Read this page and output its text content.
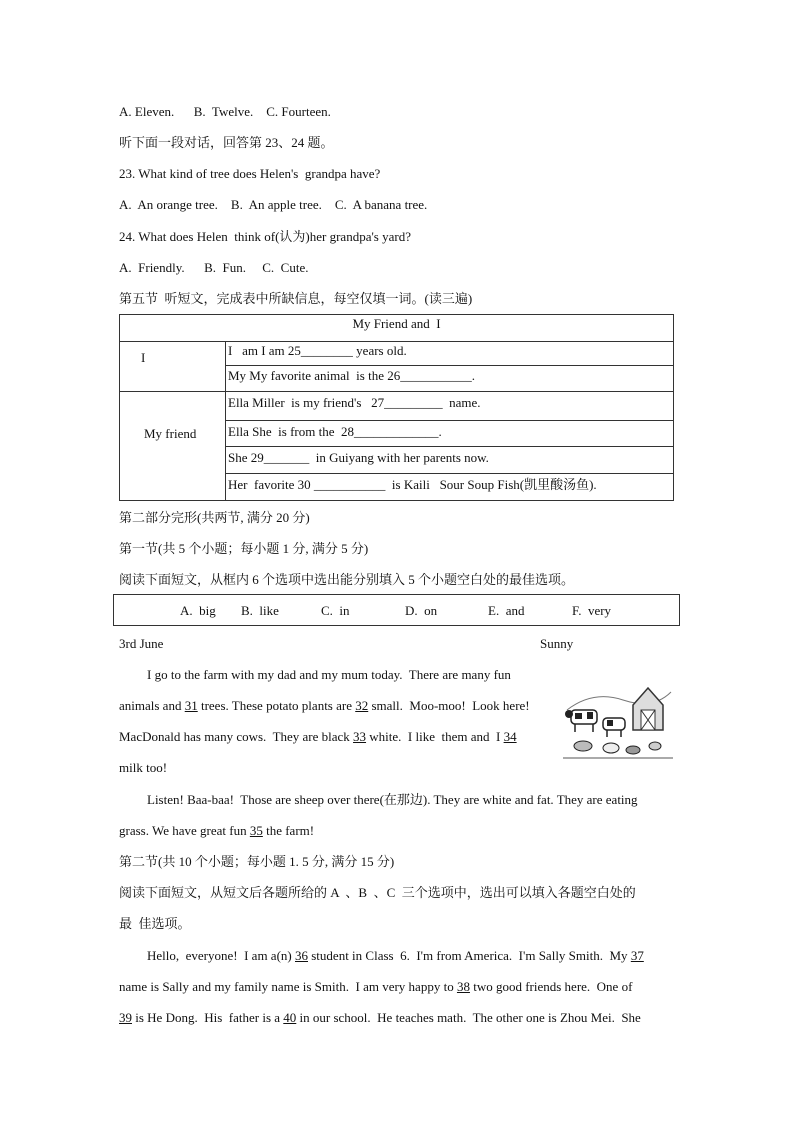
A. Eleven.      B.  Twelve.    C. Fourteen.
听下面一段对话，回答第 23、24 题。
23. What kind of tree does Helen's  grandpa have?
A.  An orange tree.    B.  An apple tree.    C.  A banana tree.
24. What does Helen  think of(认为)her grandpa's yard?
A.  Friendly.      B.  Fun.     C.  Cute.
第五节  听短文，完成表中所缺信息，每空仅填一词。(读三遍)
My Friend and  I
I	I   am I am 25________ years old.
My My favorite animal  is the 26___________.
My friend
Ella Miller  is my friend's   27_________  name.
Ella She  is from the  28_____________.
She 29_______  in Guiyang with her parents now.
Her  favorite 30 ___________  is Kaili   Sour Soup Fish(凯里酸汤鱼).
第二部分完形(共两节, 满分 20 分)
第一节(共 5 个小题；每小题 1 分, 满分 5 分)
阅读下面短文，从框内 6 个选项中选出能分别填入 5 个小题空白处的最佳选项。
A.  big B.  like	C.  in	D.  on	E.  and	F.  very
3rd June	Sunny
I go to the farm with my dad and my mum today.  There are many fun
animals and 31 trees. These potato plants are 32 small.  Moo-moo!  Look here!
MacDonald has many cows.  They are black 33 white.  I like  them and  I 34
milk too!
Listen! Baa-baa!  Those are sheep over there(在那边). They are white and fat. They are eating
grass. We have great fun 35 the farm!
第二节(共 10 个小题；每小题 1. 5 分, 满分 15 分)
阅读下面短文，从短文后各题所给的 A  、B  、C  三个选项中，选出可以填入各题空白处的
最  佳选项。
Hello,  everyone!  I am a(n) 36 student in Class  6.  I'm from America.  I'm Sally Smith.  My 37
name is Sally and my family name is Smith.  I am very happy to 38 two good friends here.  One of
39 is He Dong.  His  father is a 40 in our school.  He teaches math.  The other one is Zhou Mei.  She
